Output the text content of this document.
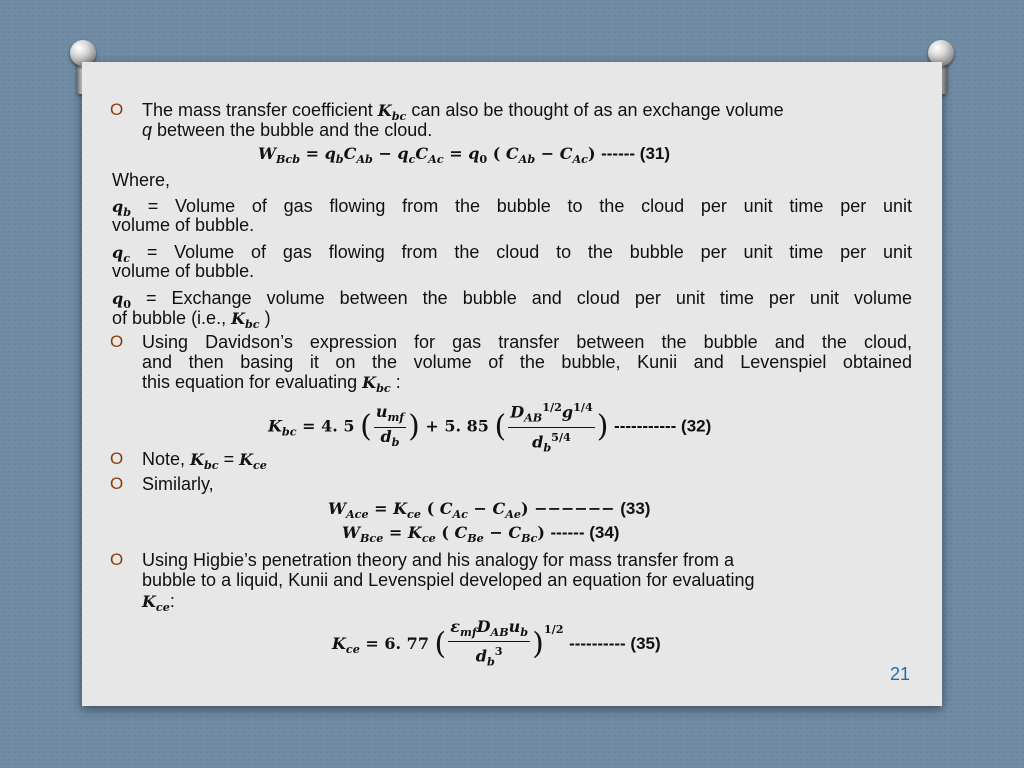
O The mass transfer coefficient $K_{bc}$ can also be thought of as an exchange volume
q between the bubble and the cloud.
$W_{Bcb} = q_bC_{Ab} - q_cC_{Ac} = q_0$ ( $C_{Ab} - C_{Ac}$) ------ (31)
Where,
$q_b$ = Volume of gas flowing from the bubble to the cloud per unit time per unit
volume of bubble.
$q_c$ = Volume of gas flowing from the cloud to the bubble per unit time per unit
volume of bubble.
$q_0$ = Exchange volume between the bubble and cloud per unit time per unit volume
of bubble (i.e., $K_{bc}$ )
O Using Davidson’s expression for gas transfer between the bubble and the cloud,
and then basing it on the volume of the bubble, Kunii and Levenspiel obtained
this equation for evaluating $K_{bc}$ :
$K_{bc} = 4$. 5 ( $\frac{u_{mf}}{d_b}$ ) + 5. 85 ( $\frac{D_{AB}^{1/2}g^{1/4}}{d_b^{5/4}}$ ) ----------- (32)
O Note, $K_{bc} = K_{ce}$
O Similarly,
$W_{Ace} = K_{ce}$ ( $C_{Ac} - C_{Ae}$) −−−−−− (33)
$W_{Bce} = K_{ce}$ ( $C_{Be} - C_{Bc}$) ------ (34)
O Using Higbie’s penetration theory and his analogy for mass transfer from a
bubble to a liquid, Kunii and Levenspiel developed an equation for evaluating
$K_{ce}$:
$K_{ce} = 6$. 77 ( $\frac{\varepsilon_{mf}D_{AB}u_b}{d_b^3} )^{1/2}$ ---------- (35)
21
